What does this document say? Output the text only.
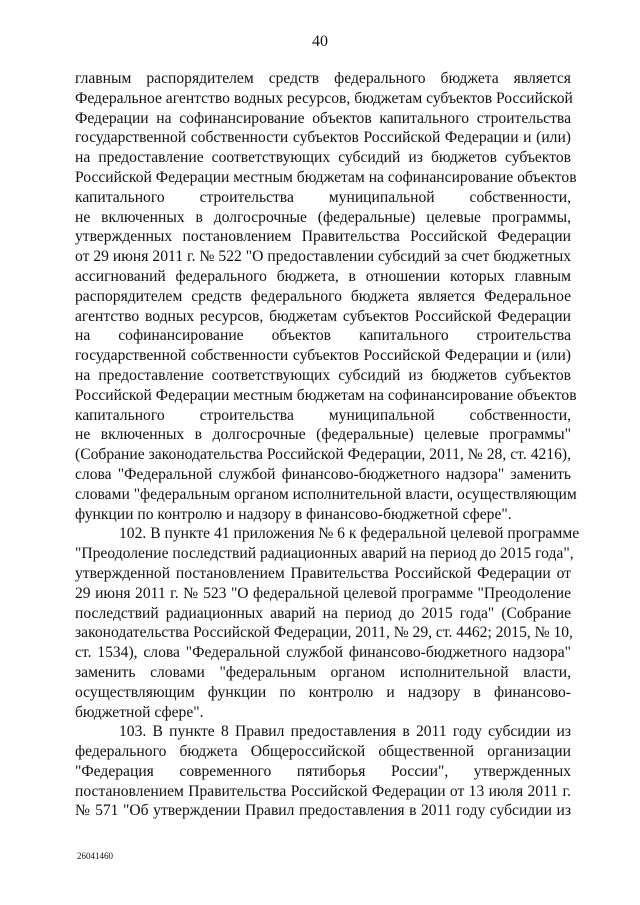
40
главным распорядителем средств федерального бюджета является
Федеральное агентство водных ресурсов, бюджетам субъектов Российской
Федерации на софинансирование объектов капитального строительства
государственной собственности субъектов Российской Федерации и (или)
на предоставление соответствующих субсидий из бюджетов субъектов
Российской Федерации местным бюджетам на софинансирование объектов
капитального строительства муниципальной собственности,
не включенных в долгосрочные (федеральные) целевые программы,
утвержденных постановлением Правительства Российской Федерации
от 29 июня 2011 г. № 522 "О предоставлении субсидий за счет бюджетных
ассигнований федерального бюджета, в отношении которых главным
распорядителем средств федерального бюджета является Федеральное
агентство водных ресурсов, бюджетам субъектов Российской Федерации
на софинансирование объектов капитального строительства
государственной собственности субъектов Российской Федерации и (или)
на предоставление соответствующих субсидий из бюджетов субъектов
Российской Федерации местным бюджетам на софинансирование объектов
капитального строительства муниципальной собственности,
не включенных в долгосрочные (федеральные) целевые программы"
(Собрание законодательства Российской Федерации, 2011, № 28, ст. 4216),
слова "Федеральной службой финансово-бюджетного надзора" заменить
словами "федеральным органом исполнительной власти, осуществляющим
функции по контролю и надзору в финансово-бюджетной сфере".
102. В пункте 41 приложения № 6 к федеральной целевой программе
"Преодоление последствий радиационных аварий на период до 2015 года",
утвержденной постановлением Правительства Российской Федерации от
29 июня 2011 г. № 523 "О федеральной целевой программе "Преодоление
последствий радиационных аварий на период до 2015 года" (Собрание
законодательства Российской Федерации, 2011, № 29, ст. 4462; 2015, № 10,
ст. 1534), слова "Федеральной службой финансово-бюджетного надзора"
заменить словами "федеральным органом исполнительной власти,
осуществляющим функции по контролю и надзору в финансово-
бюджетной сфере".
103. В пункте 8 Правил предоставления в 2011 году субсидии из
федерального бюджета Общероссийской общественной организации
"Федерация современного пятиборья России", утвержденных
постановлением Правительства Российской Федерации от 13 июля 2011 г.
№ 571 "Об утверждении Правил предоставления в 2011 году субсидии из
26041460
